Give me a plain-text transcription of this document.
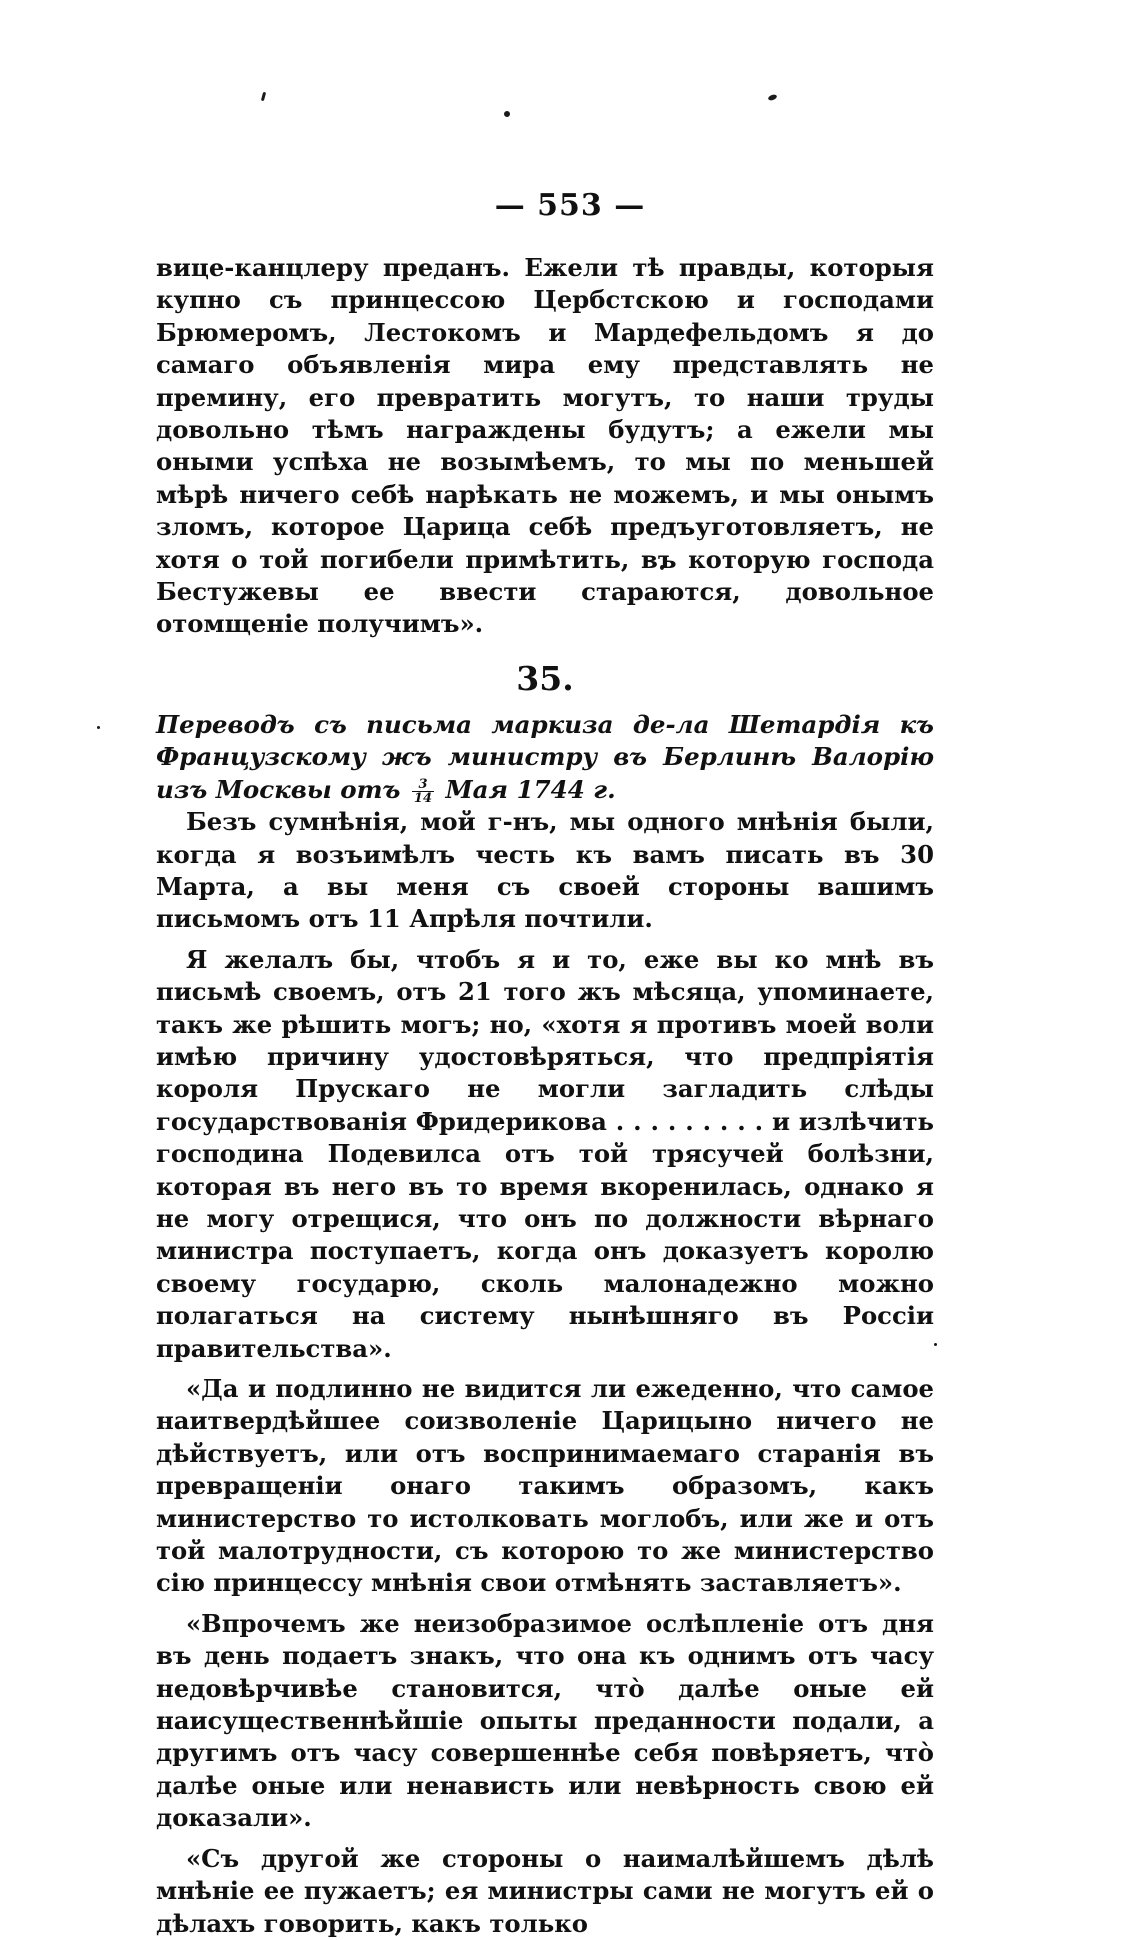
— 553 —

вице-канцлеру преданъ. Ежели тѣ правды, которыя купно съ принцессою Цербстскою и господами Брюмеромъ, Лестокомъ и Мардефельдомъ я до самаго объявленія мира ему представлять не премину, его превратить могутъ, то наши труды довольно тѣмъ награждены будутъ; а ежели мы оными успѣха не возымѣемъ, то мы по меньшей мѣрѣ ничего себѣ нарѣкать не можемъ, и мы онымъ зломъ, которое Царица себѣ предъуготовляетъ, не хотя о той погибели примѣтить, въ которую господа Бестужевы ее ввести стараются, довольное отомщеніе получимъ».

35.

Переводъ съ письма маркиза де-ла Шетардія къ Французскому жъ министру въ Берлинѣ Валорію изъ Москвы отъ $\frac{3}{14}$ Мая 1744 г.

Безъ сумнѣнія, мой г-нъ, мы одного мнѣнія были, когда я возъимѣлъ честь къ вамъ писать въ 30 Марта, а вы меня съ своей стороны вашимъ письмомъ отъ 11 Апрѣля почтили.

Я желалъ бы, чтобъ я и то, еже вы ко мнѣ въ письмѣ своемъ, отъ 21 того жъ мѣсяца, упоминаете, такъ же рѣшить могъ; но, «хотя я противъ моей воли имѣю причину удостовѣряться, что предпріятія короля Прускаго не могли загладить слѣды государствованія Фридерикова . . . . . . . . . и излѣчить господина Подевилса отъ той трясучей болѣзни, которая въ него въ то время вкоренилась, однако я не могу отрещися, что онъ по должности вѣрнаго министра поступаетъ, когда онъ доказуетъ королю своему государю, сколь малонадежно можно полагаться на систему нынѣшняго въ Россіи правительства».

«Да и подлинно не видится ли ежеденно, что самое наитвердѣйшее соизволеніе Царицыно ничего не дѣйствуетъ, или отъ воспринимаемаго старанія въ превращеніи онаго такимъ образомъ, какъ министерство то истолковать моглобъ, или же и отъ той малотрудности, съ которою то же министерство сію принцессу мнѣнія свои отмѣнять заставляетъ».

«Впрочемъ же неизобразимое ослѣпленіе отъ дня въ день подаетъ знакъ, что она къ однимъ отъ часу недовѣрчивѣе становится, что̀ далѣе оные ей наисущественнѣйшіе опыты преданности подали, а другимъ отъ часу совершеннѣе себя повѣряетъ, что̀ далѣе оные или ненависть или невѣрность свою ей доказали».

«Съ другой же стороны о наималѣйшемъ дѣлѣ мнѣніе ее пужаетъ; ея министры сами не могутъ ей о дѣлахъ говорить, какъ только
